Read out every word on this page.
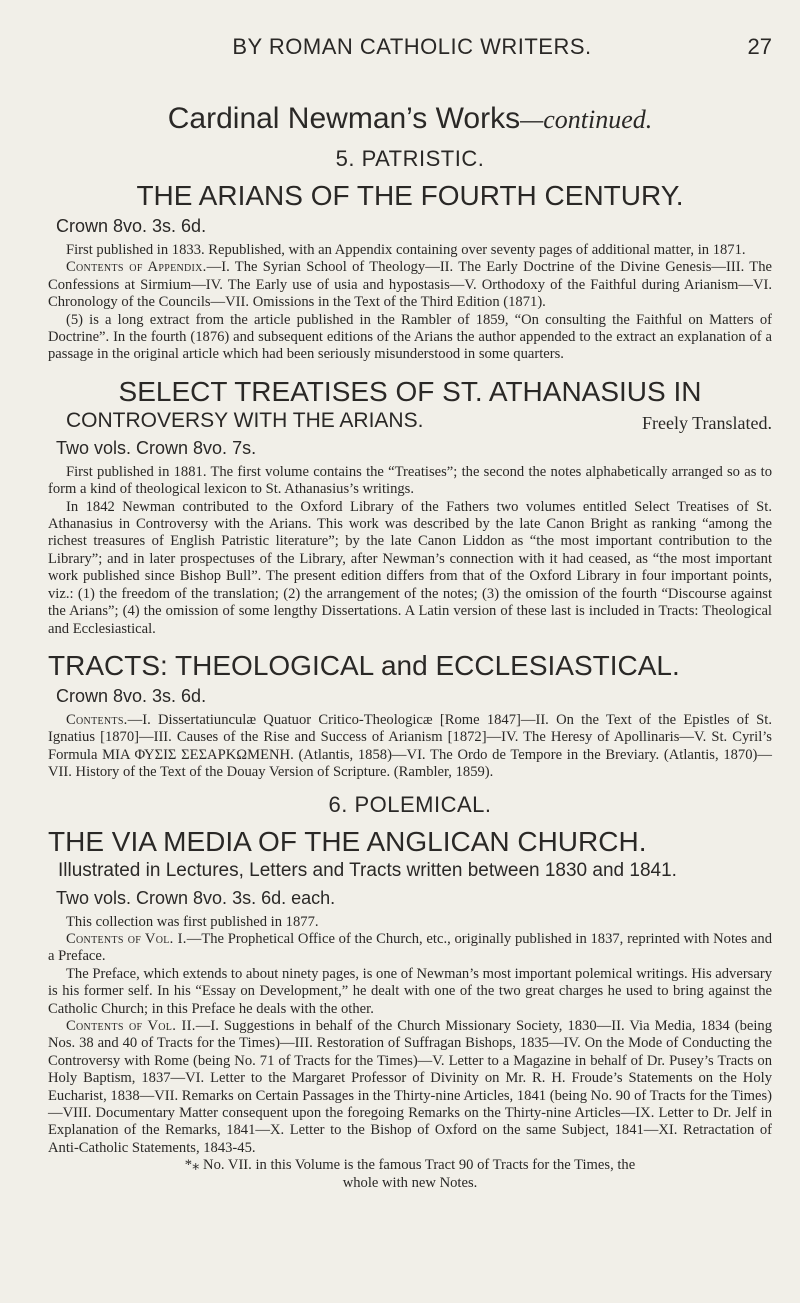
BY ROMAN CATHOLIC WRITERS.	27
Cardinal Newman’s Works—continued.
5. PATRISTIC.
THE ARIANS OF THE FOURTH CENTURY.
Crown 8vo. 3s. 6d.

First published in 1833. Republished, with an Appendix containing over seventy pages of additional matter, in 1871.

Contents of Appendix.—I. The Syrian School of Theology—II. The Early Doctrine of the Divine Genesis—III. The Confessions at Sirmium—IV. The Early use of usia and hypostasis—V. Orthodoxy of the Faithful during Arianism—VI. Chronology of the Councils—VII. Omissions in the Text of the Third Edition (1871).

(5) is a long extract from the article published in the Rambler of 1859, “On consulting the Faithful on Matters of Doctrine”. In the fourth (1876) and subsequent editions of the Arians the author appended to the extract an explanation of a passage in the original article which had been seriously misunderstood in some quarters.

SELECT TREATISES OF ST. ATHANASIUS IN
CONTROVERSY WITH THE ARIANS.	Freely Translated.
Two vols. Crown 8vo. 7s.

First published in 1881. The first volume contains the “Treatises”; the second the notes alphabetically arranged so as to form a kind of theological lexicon to St. Athanasius’s writings.

In 1842 Newman contributed to the Oxford Library of the Fathers two volumes entitled Select Treatises of St. Athanasius in Controversy with the Arians. This work was described by the late Canon Bright as ranking “among the richest treasures of English Patristic literature”; by the late Canon Liddon as “the most important contribution to the Library”; and in later prospectuses of the Library, after Newman’s connection with it had ceased, as “the most important work published since Bishop Bull”. The present edition differs from that of the Oxford Library in four important points, viz.: (1) the freedom of the translation; (2) the arrangement of the notes; (3) the omission of the fourth “Discourse against the Arians”; (4) the omission of some lengthy Dissertations. A Latin version of these last is included in Tracts: Theological and Ecclesiastical.

TRACTS: THEOLOGICAL and ECCLESIASTICAL.
Crown 8vo. 3s. 6d.

Contents.—I. Dissertatiunculæ Quatuor Critico-Theologicæ [Rome 1847]—II. On the Text of the Epistles of St. Ignatius [1870]—III. Causes of the Rise and Success of Arianism [1872]—IV. The Heresy of Apollinaris—V. St. Cyril’s Formula ΜΙΑ ΦΥΣΙΣ ΣΕΣΑΡΚΩΜΕΝΗ. (Atlantis, 1858)—VI. The Ordo de Tempore in the Breviary. (Atlantis, 1870)—VII. History of the Text of the Douay Version of Scripture. (Rambler, 1859).

6. POLEMICAL.
THE VIA MEDIA OF THE ANGLICAN CHURCH.
Illustrated in Lectures, Letters and Tracts written between 1830 and 1841.
Two vols. Crown 8vo. 3s. 6d. each.

This collection was first published in 1877.

Contents of Vol. I.—The Prophetical Office of the Church, etc., originally published in 1837, reprinted with Notes and a Preface.

The Preface, which extends to about ninety pages, is one of Newman’s most important polemical writings. His adversary is his former self. In his “Essay on Development,” he dealt with one of the two great charges he used to bring against the Catholic Church; in this Preface he deals with the other.

Contents of Vol. II.—I. Suggestions in behalf of the Church Missionary Society, 1830—II. Via Media, 1834 (being Nos. 38 and 40 of Tracts for the Times)—III. Restoration of Suffragan Bishops, 1835—IV. On the Mode of Conducting the Controversy with Rome (being No. 71 of Tracts for the Times)—V. Letter to a Magazine in behalf of Dr. Pusey’s Tracts on Holy Baptism, 1837—VI. Letter to the Margaret Professor of Divinity on Mr. R. H. Froude’s Statements on the Holy Eucharist, 1838—VII. Remarks on Certain Passages in the Thirty-nine Articles, 1841 (being No. 90 of Tracts for the Times)—VIII. Documentary Matter consequent upon the foregoing Remarks on the Thirty-nine Articles—IX. Letter to Dr. Jelf in Explanation of the Remarks, 1841—X. Letter to the Bishop of Oxford on the same Subject, 1841—XI. Retractation of Anti-Catholic Statements, 1843-45.

*⁎ No. VII. in this Volume is the famous Tract 90 of Tracts for the Times, the

whole with new Notes.
